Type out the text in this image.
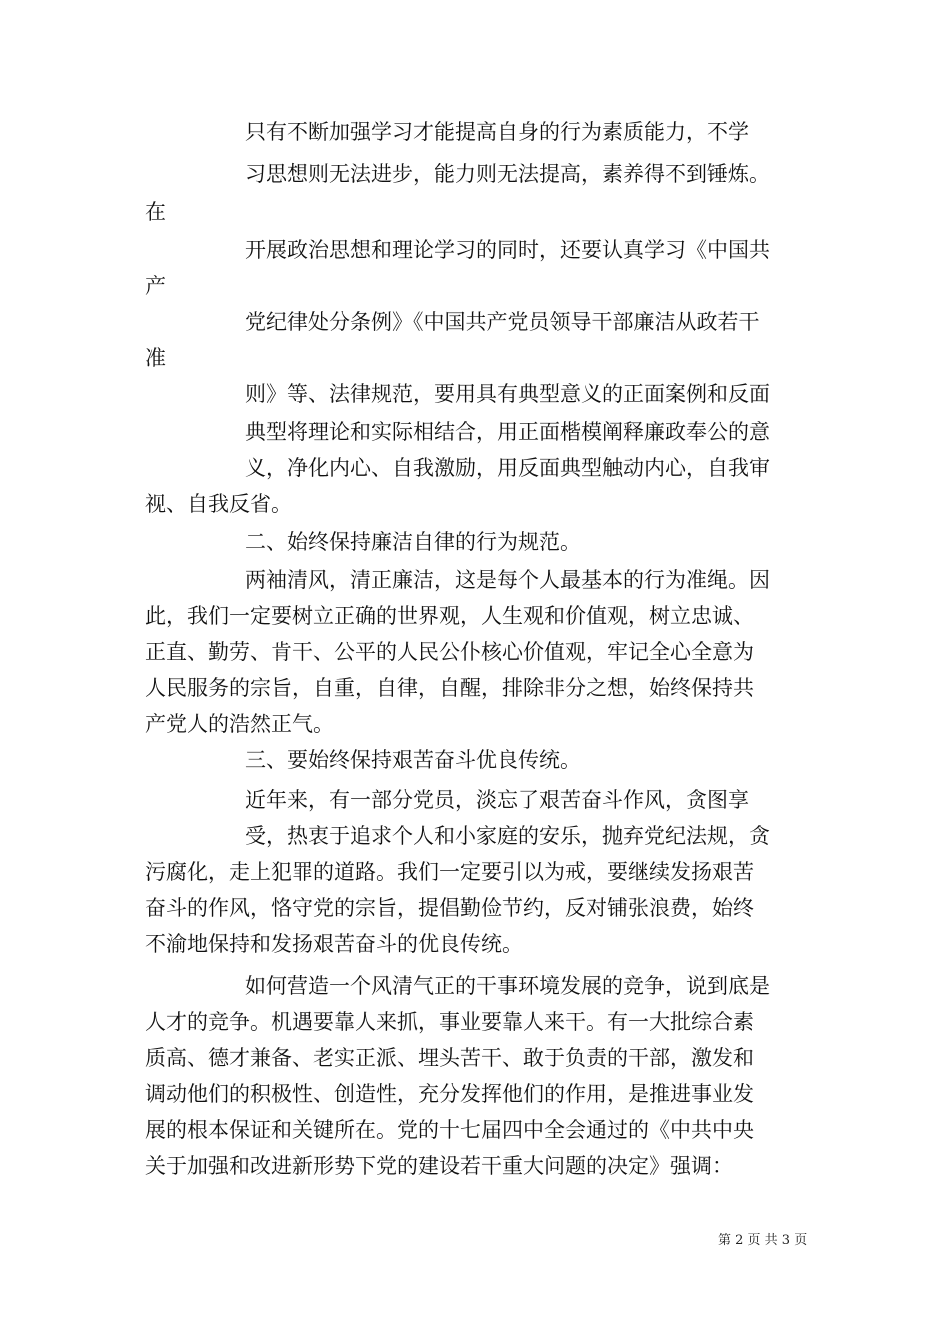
只有不断加强学习才能提高自身的行为素质能力，不学
习思想则无法进步，能力则无法提高，素养得不到锤炼。
在
开展政治思想和理论学习的同时，还要认真学习《中国共
产
党纪律处分条例》《中国共产党员领导干部廉洁从政若干
准
则》等、法律规范，要用具有典型意义的正面案例和反面
典型将理论和实际相结合，用正面楷模阐释廉政奉公的意
义，净化内心、自我激励，用反面典型触动内心，自我审
视、自我反省。
二、始终保持廉洁自律的行为规范。
两袖清风，清正廉洁，这是每个人最基本的行为准绳。因
此，我们一定要树立正确的世界观，人生观和价值观，树立忠诚、
正直、勤劳、肯干、公平的人民公仆核心价值观，牢记全心全意为
人民服务的宗旨，自重，自律，自醒，排除非分之想，始终保持共
产党人的浩然正气。
三、要始终保持艰苦奋斗优良传统。
近年来，有一部分党员，淡忘了艰苦奋斗作风，贪图享
受，热衷于追求个人和小家庭的安乐，抛弃党纪法规，贪
污腐化，走上犯罪的道路。我们一定要引以为戒，要继续发扬艰苦
奋斗的作风，恪守党的宗旨，提倡勤俭节约，反对铺张浪费，始终
不渝地保持和发扬艰苦奋斗的优良传统。
如何营造一个风清气正的干事环境发展的竞争，说到底是
人才的竞争。机遇要靠人来抓，事业要靠人来干。有一大批综合素
质高、德才兼备、老实正派、埋头苦干、敢于负责的干部，激发和
调动他们的积极性、创造性，充分发挥他们的作用，是推进事业发
展的根本保证和关键所在。党的十七届四中全会通过的《中共中央
关于加强和改进新形势下党的建设若干重大问题的决定》强调：
第 2 页 共 3 页
